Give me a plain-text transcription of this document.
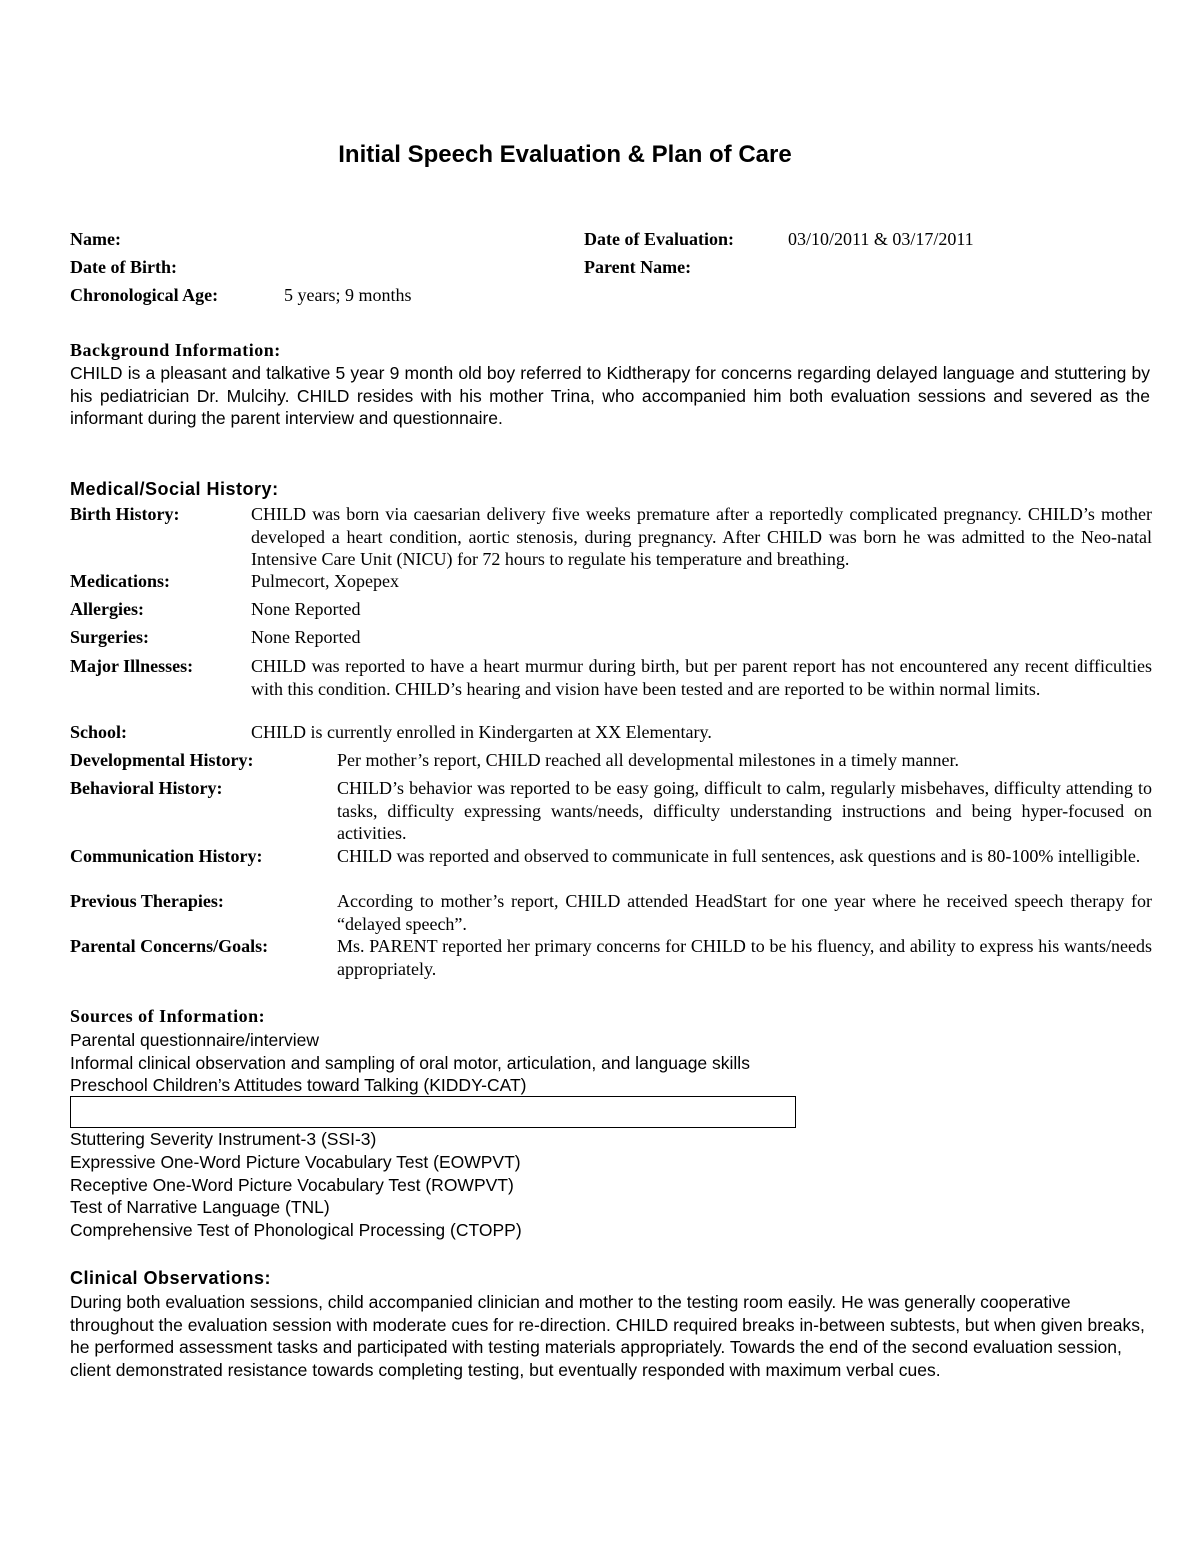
Initial Speech Evaluation & Plan of Care
Name:
Date of Birth:
Chronological Age:	5 years; 9 months
Date of Evaluation:	03/10/2011 & 03/17/2011
Parent Name:
Background Information:
CHILD is a pleasant and talkative 5 year 9 month old boy referred to Kidtherapy for concerns regarding delayed language and stuttering by his pediatrician Dr. Mulcihy. CHILD resides with his mother Trina, who accompanied him both evaluation sessions and severed as the informant during the parent interview and questionnaire.
Medical/Social History:
Birth History:	CHILD was born via caesarian delivery five weeks premature after a reportedly complicated pregnancy. CHILD’s mother developed a heart condition, aortic stenosis, during pregnancy. After CHILD was born he was admitted to the Neo-natal Intensive Care Unit (NICU) for 72 hours to regulate his temperature and breathing.
Medications:	Pulmecort, Xopepex
Allergies:	None Reported
Surgeries:	None Reported
Major Illnesses:	CHILD was reported to have a heart murmur during birth, but per parent report has not encountered any recent difficulties with this condition. CHILD’s hearing and vision have been tested and are reported to be within normal limits.
School:	CHILD is currently enrolled in Kindergarten at XX Elementary.
Developmental History:	Per mother’s report, CHILD reached all developmental milestones in a timely manner.
Behavioral History:	CHILD’s behavior was reported to be easy going, difficult to calm, regularly misbehaves, difficulty attending to tasks, difficulty expressing wants/needs, difficulty understanding instructions and being hyper-focused on activities.
Communication History:	CHILD was reported and observed to communicate in full sentences, ask questions and is 80-100% intelligible.
Previous Therapies:	According to mother’s report, CHILD attended HeadStart for one year where he received speech therapy for “delayed speech”.
Parental Concerns/Goals:	Ms. PARENT reported her primary concerns for CHILD to be his fluency, and ability to express his wants/needs appropriately.
Sources of Information:
Parental questionnaire/interview
Informal clinical observation and sampling of oral motor, articulation, and language skills
Preschool Children’s Attitudes toward Talking (KIDDY-CAT)
Stuttering Severity Instrument-3 (SSI-3)
Expressive One-Word Picture Vocabulary Test (EOWPVT)
Receptive One-Word Picture Vocabulary Test (ROWPVT)
Test of Narrative Language (TNL)
Comprehensive Test of Phonological Processing (CTOPP)
Clinical Observations:
During both evaluation sessions, child accompanied clinician and mother to the testing room easily. He was generally cooperative throughout the evaluation session with moderate cues for re-direction. CHILD required breaks in-between subtests, but when given breaks, he performed assessment tasks and participated with testing materials appropriately. Towards the end of the second evaluation session, client demonstrated resistance towards completing testing, but eventually responded with maximum verbal cues.
